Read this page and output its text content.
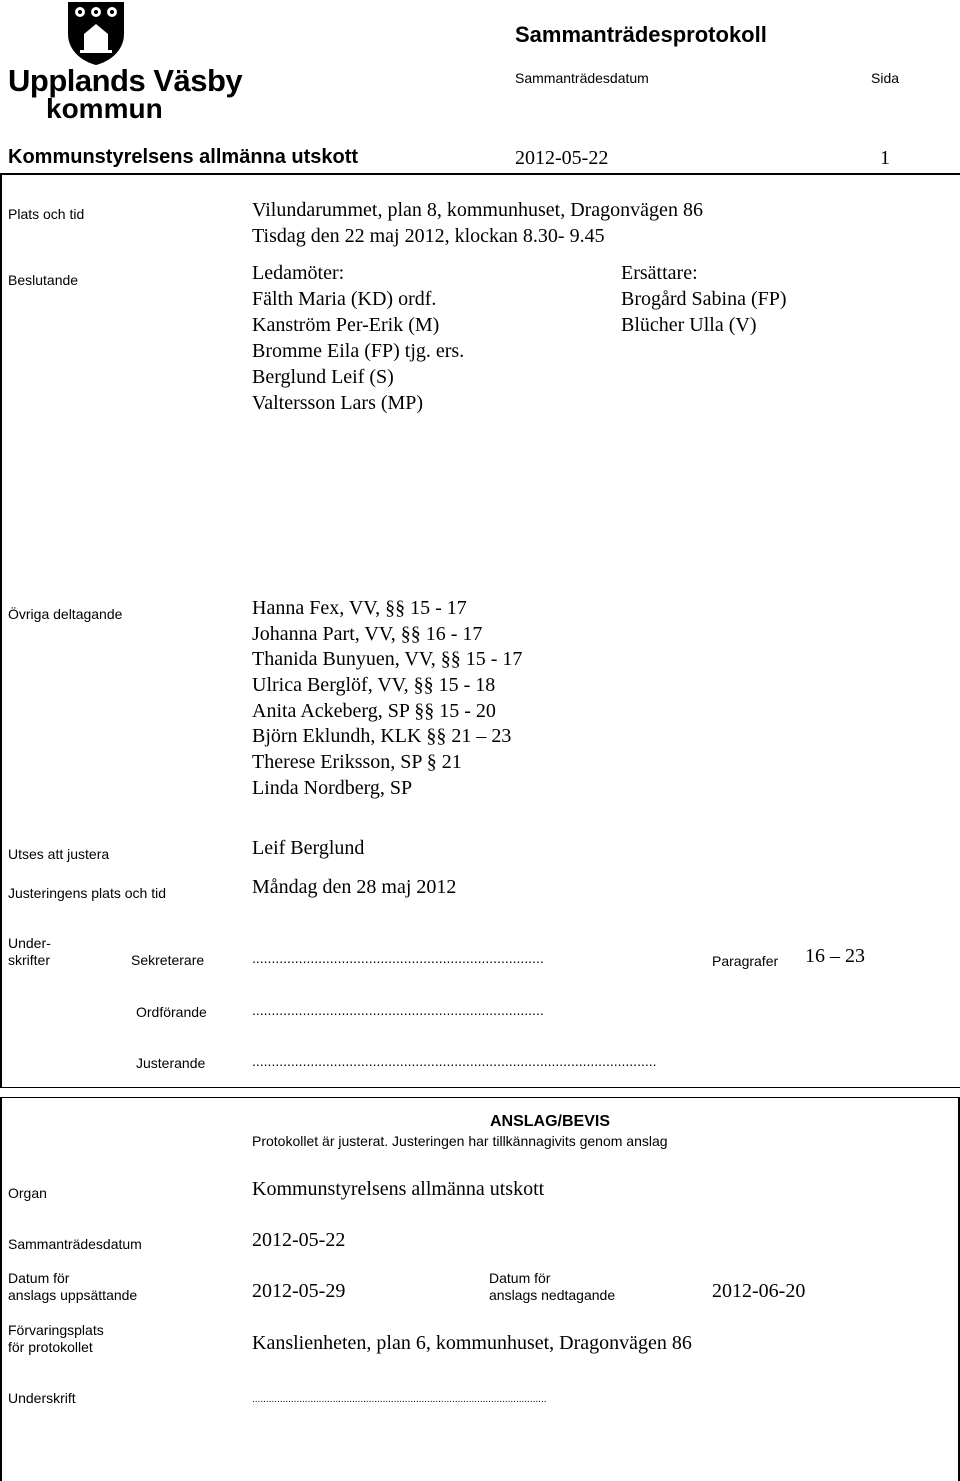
Upplands Väsby
kommun
Sammanträdesprotokoll
Sammanträdesdatum	Sida
Kommunstyrelsens allmänna utskott	2012-05-22	1
Plats och tid	Vilundarummet, plan 8, kommunhuset, Dragonvägen 86
Tisdag den 22 maj 2012, klockan 8.30- 9.45
Beslutande	Ledamöter:
Fälth Maria (KD) ordf.
Kanström Per-Erik (M)
Bromme Eila (FP) tjg. ers.
Berglund Leif (S)
Valtersson Lars (MP)
Ersättare:
Brogård Sabina (FP)
Blücher Ulla (V)
Övriga deltagande	Hanna Fex, VV, §§ 15 - 17
Johanna Part, VV, §§ 16 - 17
Thanida Bunyuen, VV, §§ 15 - 17
Ulrica Berglöf, VV, §§ 15 - 18
Anita Ackeberg, SP §§ 15 - 20
Björn Eklundh, KLK §§ 21 – 23
Therese Eriksson, SP § 21
Linda Nordberg, SP
Utses att justera	Leif Berglund
Justeringens plats och tid	Måndag den 28 maj 2012
Under-
skrifter	Sekreterare	...........................................................................	Paragrafer 16 – 23
Ordförande	...........................................................................
Justerande	........................................................................................................
ANSLAG/BEVIS
Protokollet är justerat. Justeringen har tillkännagivits genom anslag
Organ	Kommunstyrelsens allmänna utskott
Sammanträdesdatum	2012-05-22
Datum för
anslags uppsättande	2012-05-29
Datum för
anslags nedtagande	2012-06-20
Förvaringsplats
för protokollet	Kanslienheten, plan 6, kommunhuset, Dragonvägen 86
Underskrift	..........................................................................................................
